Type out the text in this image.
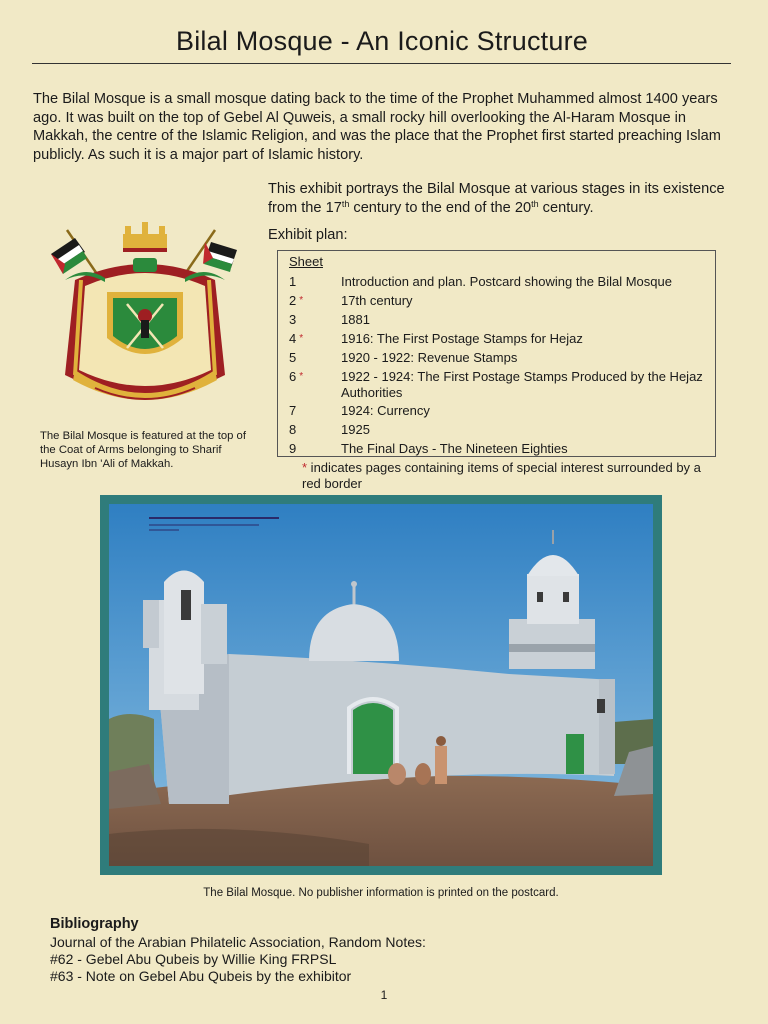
Bilal Mosque - An Iconic Structure
The Bilal Mosque is a small mosque dating back to the time of the Prophet Muhammed almost 1400 years ago. It was built on the top of Gebel Al Quweis, a small rocky hill overlooking the Al-Haram Mosque in Makkah, the centre of the Islamic Religion, and was the place that the Prophet first started preaching Islam publicly. As such it is a major part of Islamic history.
This exhibit portrays the Bilal Mosque at various stages in its existence from the 17th century to the end of the 20th century.
Exhibit plan:
Sheet
1	Introduction and plan. Postcard showing the Bilal Mosque
2 *	17th century
3	1881
4 *	1916: The First Postage Stamps for Hejaz
5	1920 - 1922: Revenue Stamps
6 *	1922 - 1924: The First Postage Stamps Produced by the Hejaz Authorities
7	1924: Currency
8	1925
9	The Final Days - The Nineteen Eighties
* indicates pages containing items of special interest surrounded by a red border
The Bilal Mosque is featured at the top of the Coat of Arms belonging to Sharif Husayn Ibn 'Ali of Makkah.
The Bilal Mosque. No publisher information is printed on the postcard.
Bibliography
Journal of the Arabian Philatelic Association, Random Notes:
#62 - Gebel Abu Qubeis by Willie King FRPSL
#63 - Note on Gebel Abu Qubeis by the exhibitor
1
